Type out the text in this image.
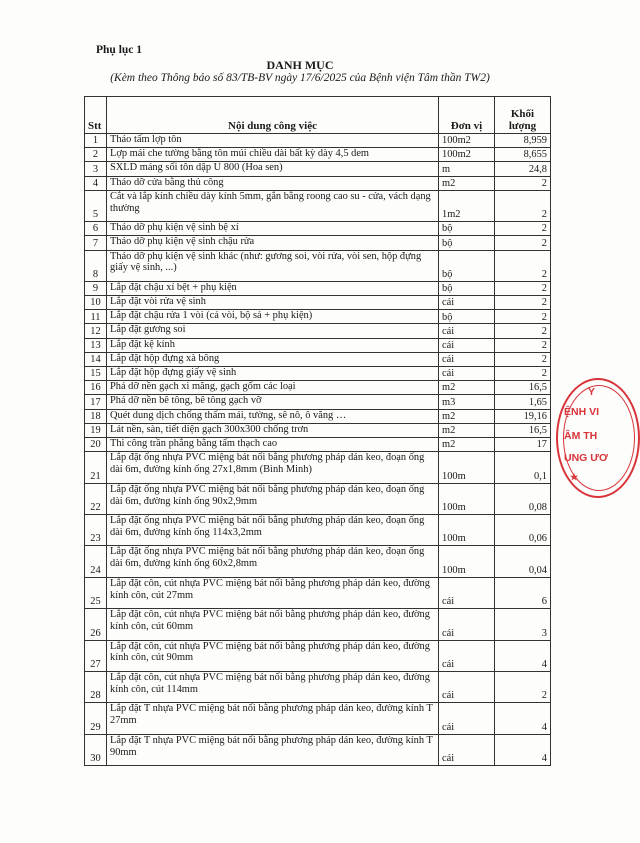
Phụ lục 1
DANH MỤC
(Kèm theo Thông báo số 83/TB-BV ngày 17/6/2025 của Bệnh viện Tâm thần TW2)
Stt	Nội dung công việc	Đơn vị	Khối lượng
1	Tháo tấm lợp tôn	100m2	8,959
2	Lợp mái che tường bằng tôn múi chiều dài bất kỳ dày 4,5 dem	100m2	8,655
3	SXLD máng sối tôn dập U 800 (Hoa sen)	m	24,8
4	Tháo dỡ cửa bằng thủ công	m2	2
5	Cắt và lắp kính chiều dày kính 5mm, gắn bằng roong cao su - cửa, vách dạng thường	1m2	2
6	Tháo dỡ phụ kiện vệ sinh bệ xí	bộ	2
7	Tháo dỡ phụ kiện vệ sinh chậu rửa	bộ	2
8	Tháo dỡ phụ kiện vệ sinh khác (như: gương soi, vòi rửa, vòi sen, hộp đựng giấy vệ sinh, ...)	bộ	2
9	Lắp đặt chậu xí bệt + phụ kiện	bộ	2
10	Lắp đặt vòi rửa vệ sinh	cái	2
11	Lắp đặt chậu rửa 1 vòi (cả vòi, bộ sả + phụ kiện)	bộ	2
12	Lắp đặt gương soi	cái	2
13	Lắp đặt kệ kính	cái	2
14	Lắp đặt hộp đựng xà bông	cái	2
15	Lắp đặt hộp đựng giấy vệ sinh	cái	2
16	Phá dỡ nền gạch xi măng, gạch gốm các loại	m2	16,5
17	Phá dỡ nền bê tông, bê tông gạch vỡ	m3	1,65
18	Quét dung dịch chống thấm mái, tường, sê nô, ô văng …	m2	19,16
19	Lát nền, sàn, tiết diện gạch 300x300 chống trơn	m2	16,5
20	Thi công trần phẳng bằng tấm thạch cao	m2	17
21	Lắp đặt ống nhựa PVC miệng bát nối bằng phương pháp dán keo, đoạn ống dài 6m, đường kính ống 27x1,8mm (Bình Minh)	100m	0,1
22	Lắp đặt ống nhựa PVC miệng bát nối bằng phương pháp dán keo, đoạn ống dài 6m, đường kính ống 90x2,9mm	100m	0,08
23	Lắp đặt ống nhựa PVC miệng bát nối bằng phương pháp dán keo, đoạn ống dài 6m, đường kính ống 114x3,2mm	100m	0,06
24	Lắp đặt ống nhựa PVC miệng bát nối bằng phương pháp dán keo, đoạn ống dài 6m, đường kính ống 60x2,8mm	100m	0,04
25	Lắp đặt côn, cút nhựa PVC miệng bát nối bằng phương pháp dán keo, đường kính côn, cút 27mm	cái	6
26	Lắp đặt côn, cút nhựa PVC miệng bát nối bằng phương pháp dán keo, đường kính côn, cút 60mm	cái	3
27	Lắp đặt côn, cút nhựa PVC miệng bát nối bằng phương pháp dán keo, đường kính côn, cút 90mm	cái	4
28	Lắp đặt côn, cút nhựa PVC miệng bát nối bằng phương pháp dán keo, đường kính côn, cút 114mm	cái	2
29	Lắp đặt T nhựa PVC miệng bát nối bằng phương pháp dán keo, đường kính T 27mm	cái	4
30	Lắp đặt T nhựa PVC miệng bát nối bằng phương pháp dán keo, đường kính T 90mm	cái	4
Y
ỆNH VI
ÂM TH
UNG ƯƠ
★
